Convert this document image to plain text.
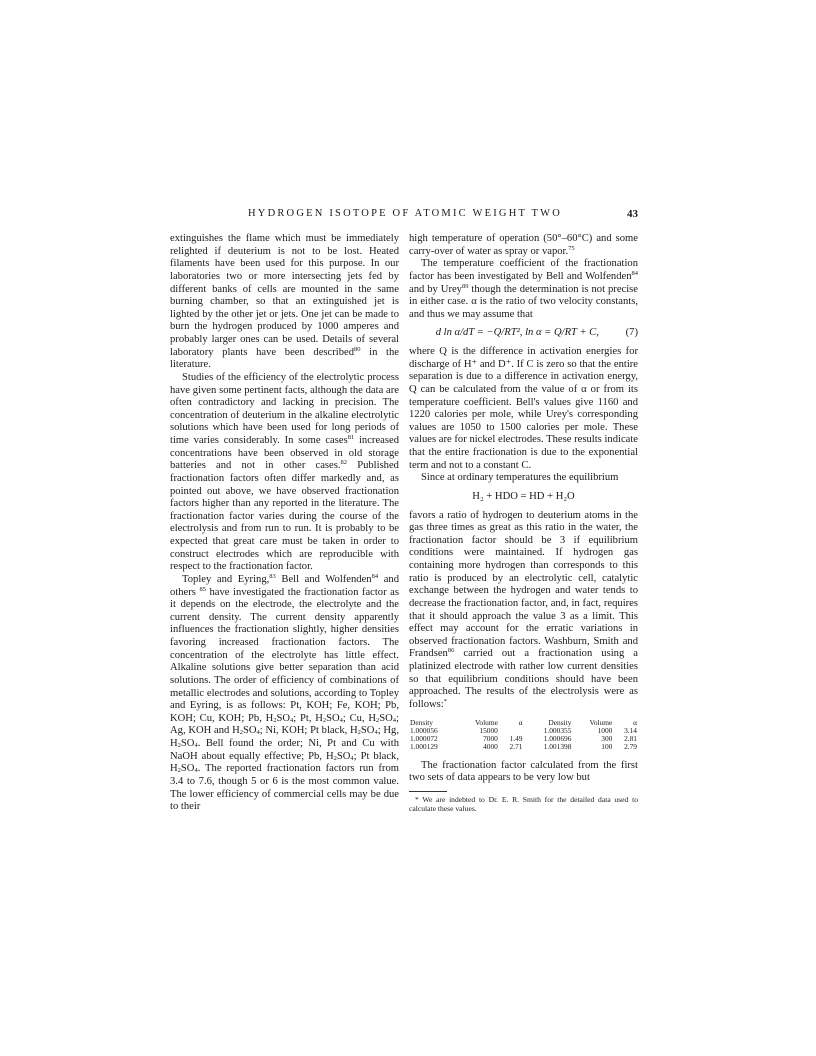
HYDROGEN ISOTOPE OF ATOMIC WEIGHT TWO	43

extinguishes the flame which must be immediately relighted if deuterium is not to be lost. Heated filaments have been used for this purpose. In our laboratories two or more intersecting jets fed by different banks of cells are mounted in the same burning chamber, so that an extinguished jet is lighted by the other jet or jets. One jet can be made to burn the hydrogen produced by 1000 amperes and probably larger ones can be used. Details of several laboratory plants have been described$^{80}$ in the literature.

Studies of the efficiency of the electrolytic process have given some pertinent facts, although the data are often contradictory and lacking in precision. The concentration of deuterium in the alkaline electrolytic solutions which have been used for long periods of time varies considerably. In some cases$^{81}$ increased concentrations have been observed in old storage batteries and not in other cases.$^{82}$ Published fractionation factors often differ markedly and, as pointed out above, we have observed fractionation factors higher than any reported in the literature. The fractionation factor varies during the course of the electrolysis and from run to run. It is probably to be expected that great care must be taken in order to construct electrodes which are reproducible with respect to the fractionation factor.

Topley and Eyring,$^{83}$ Bell and Wolfenden$^{84}$ and others $^{85}$ have investigated the fractionation factor as it depends on the electrode, the electrolyte and the current density. The current density apparently influences the fractionation slightly, higher densities favoring increased fractionation factors. The concentration of the electrolyte has little effect. Alkaline solutions give better separation than acid solutions. The order of efficiency of combinations of metallic electrodes and solutions, according to Topley and Eyring, is as follows: Pt, KOH; Fe, KOH; Pb, KOH; Cu, KOH; Pb, $H_2SO_4$; Pt, $H_2SO_4$; Cu, $H_2SO_4$; Ag, KOH and $H_2SO_4$; Ni, KOH; Pt black, $H_2SO_4$; Hg, $H_2SO_4$. Bell found the order; Ni, Pt and Cu with NaOH about equally effective; Pb, $H_2SO_4$; Pt black, $H_2SO_4$. The reported fractionation factors run from 3.4 to 7.6, though 5 or 6 is the most common value. The lower efficiency of commercial cells may be due to their

high temperature of operation (50°–60°C) and some carry-over of water as spray or vapor.$^{75}$

The temperature coefficient of the fractionation factor has been investigated by Bell and Wolfenden$^{84}$ and by Urey$^{89}$ though the determination is not precise in either case. α is the ratio of two velocity constants, and thus we may assume that

d ln α/dT = −Q/RT², ln α = Q/RT + C,	(7)

where Q is the difference in activation energies for discharge of H⁺ and D⁺. If C is zero so that the entire separation is due to a difference in activation energy, Q can be calculated from the value of α or from its temperature coefficient. Bell's values give 1160 and 1220 calories per mole, while Urey's corresponding values are 1050 to 1500 calories per mole. These values are for nickel electrodes. These results indicate that the entire fractionation is due to the exponential term and not to a constant C.

Since at ordinary temperatures the equilibrium

H₂ + HDO = HD + H₂O

favors a ratio of hydrogen to deuterium atoms in the gas three times as great as this ratio in the water, the fractionation factor should be 3 if equilibrium conditions were maintained. If hydrogen gas containing more hydrogen than corresponds to this ratio is produced by an electrolytic cell, catalytic exchange between the hydrogen and water tends to decrease the fractionation factor, and, in fact, requires that it should approach the value 3 as a limit. This effect may account for the erratic variations in observed fractionation factors. Washburn, Smith and Frandsen$^{86}$ carried out a fractionation using a platinized electrode with rather low current densities so that equilibrium conditions should have been approached. The results of the electrolysis were as follows:*

Density	Volume	α	Density	Volume	α
1.000056	15000		1.000355	1000	3.14
1.000072	7000	1.49	1.000696	300	2.81
1.000129	4000	2.71	1.001398	100	2.79

The fractionation factor calculated from the first two sets of data appears to be very low but

* We are indebted to Dr. E. R. Smith for the detailed data used to calculate these values.
